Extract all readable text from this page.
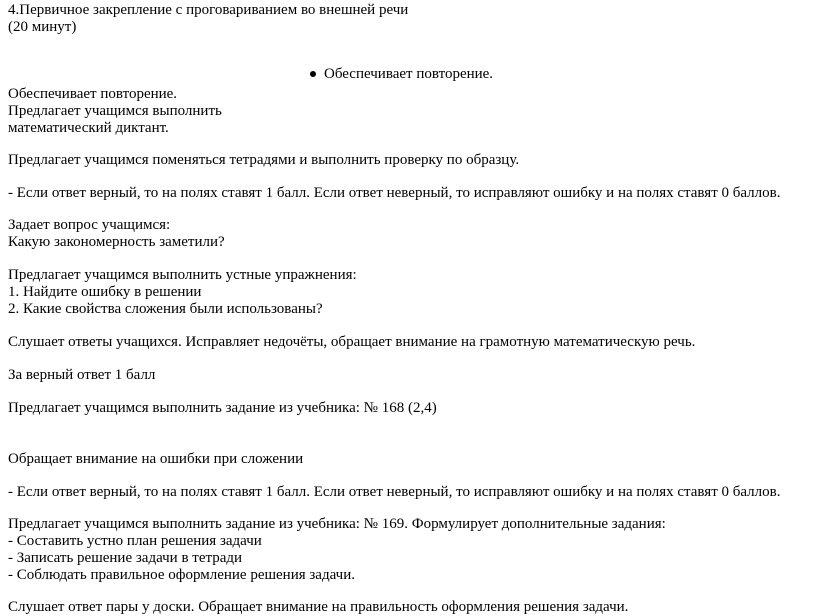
4.Первичное закрепление с проговариванием во внешней речи
(20 минут)
Обеспечивает повторение.
Обеспечивает повторение.
Предлагает учащимся выполнить
математический диктант.
Предлагает учащимся поменяться тетрадями и выполнить проверку по образцу.
- Если ответ верный, то на полях ставят 1 балл. Если ответ неверный, то исправляют ошибку и на полях ставят 0 баллов.
Задает вопрос учащимся:
Какую закономерность заметили?
Предлагает учащимся выполнить устные упражнения:
1. Найдите ошибку в решении
2. Какие свойства сложения были использованы?
Слушает ответы учащихся. Исправляет недочёты, обращает внимание на грамотную математическую речь.
За верный ответ 1 балл
Предлагает учащимся выполнить задание из учебника: № 168 (2,4)
Обращает внимание на ошибки при сложении
- Если ответ верный, то на полях ставят 1 балл. Если ответ неверный, то исправляют ошибку и на полях ставят 0 баллов.
Предлагает учащимся выполнить задание из учебника: № 169. Формулирует дополнительные задания:
- Составить устно план решения задачи
- Записать решение задачи в тетради
- Соблюдать правильное оформление решения задачи.
Слушает ответ пары у доски. Обращает внимание на правильность оформления решения задачи.
